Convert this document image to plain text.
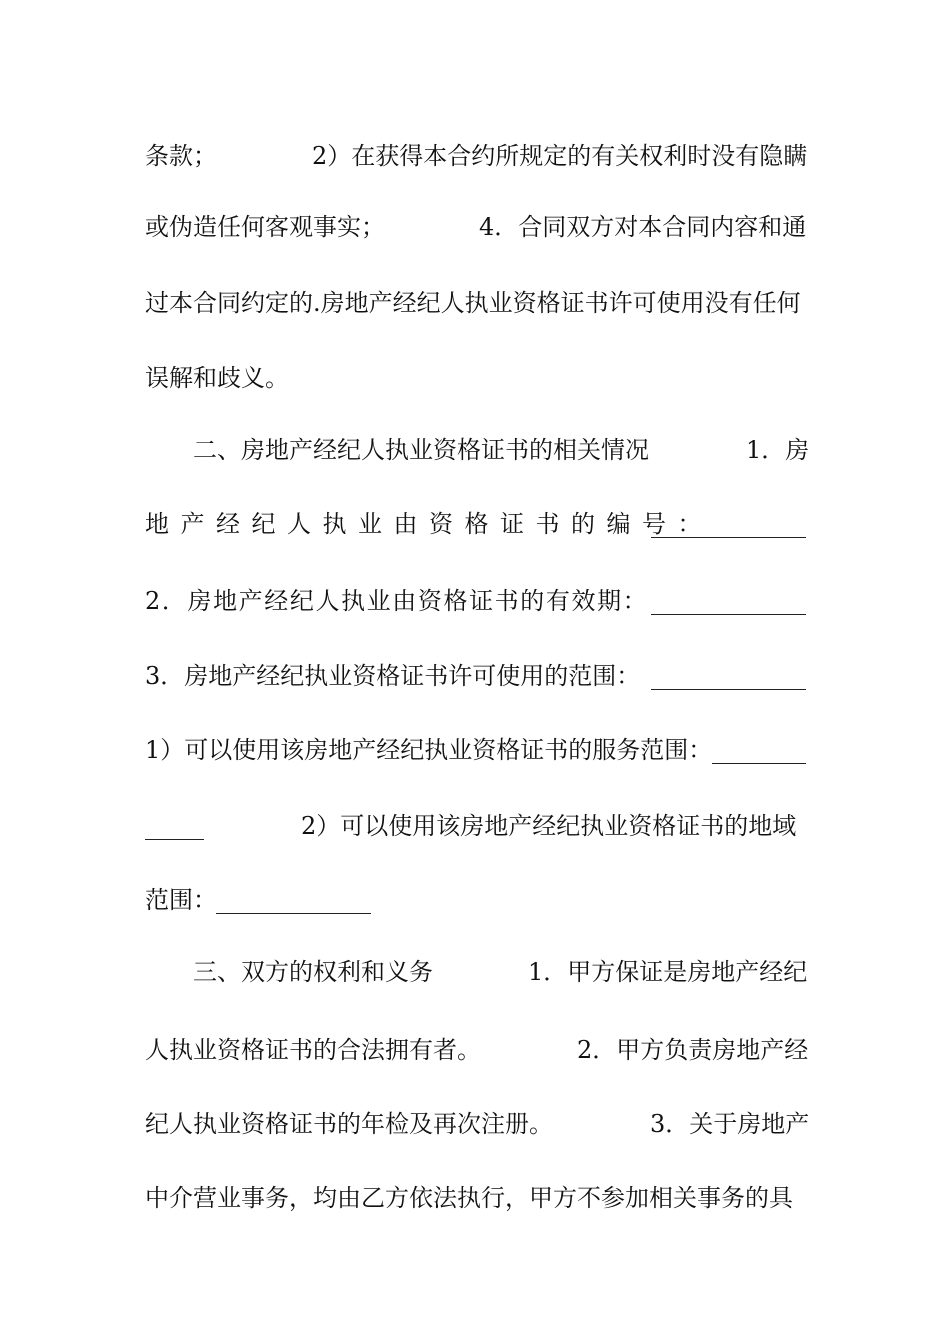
条款；	2）在获得本合约所规定的有关权利时没有隐瞒
或伪造任何客观事实；	4．合同双方对本合同内容和通
过本合同约定的.房地产经纪人执业资格证书许可使用没有任何
误解和歧义。
二、房地产经纪人执业资格证书的相关情况	1．房
地产经纪人执业由资格证书的编号：
2．房地产经纪人执业由资格证书的有效期：
3．房地产经纪执业资格证书许可使用的范围：
1）可以使用该房地产经纪执业资格证书的服务范围：
2）可以使用该房地产经纪执业资格证书的地域
范围：
三、双方的权利和义务	1．甲方保证是房地产经纪
人执业资格证书的合法拥有者。	2．甲方负责房地产经
纪人执业资格证书的年检及再次注册。	3．关于房地产
中介营业事务，均由乙方依法执行，甲方不参加相关事务的具
